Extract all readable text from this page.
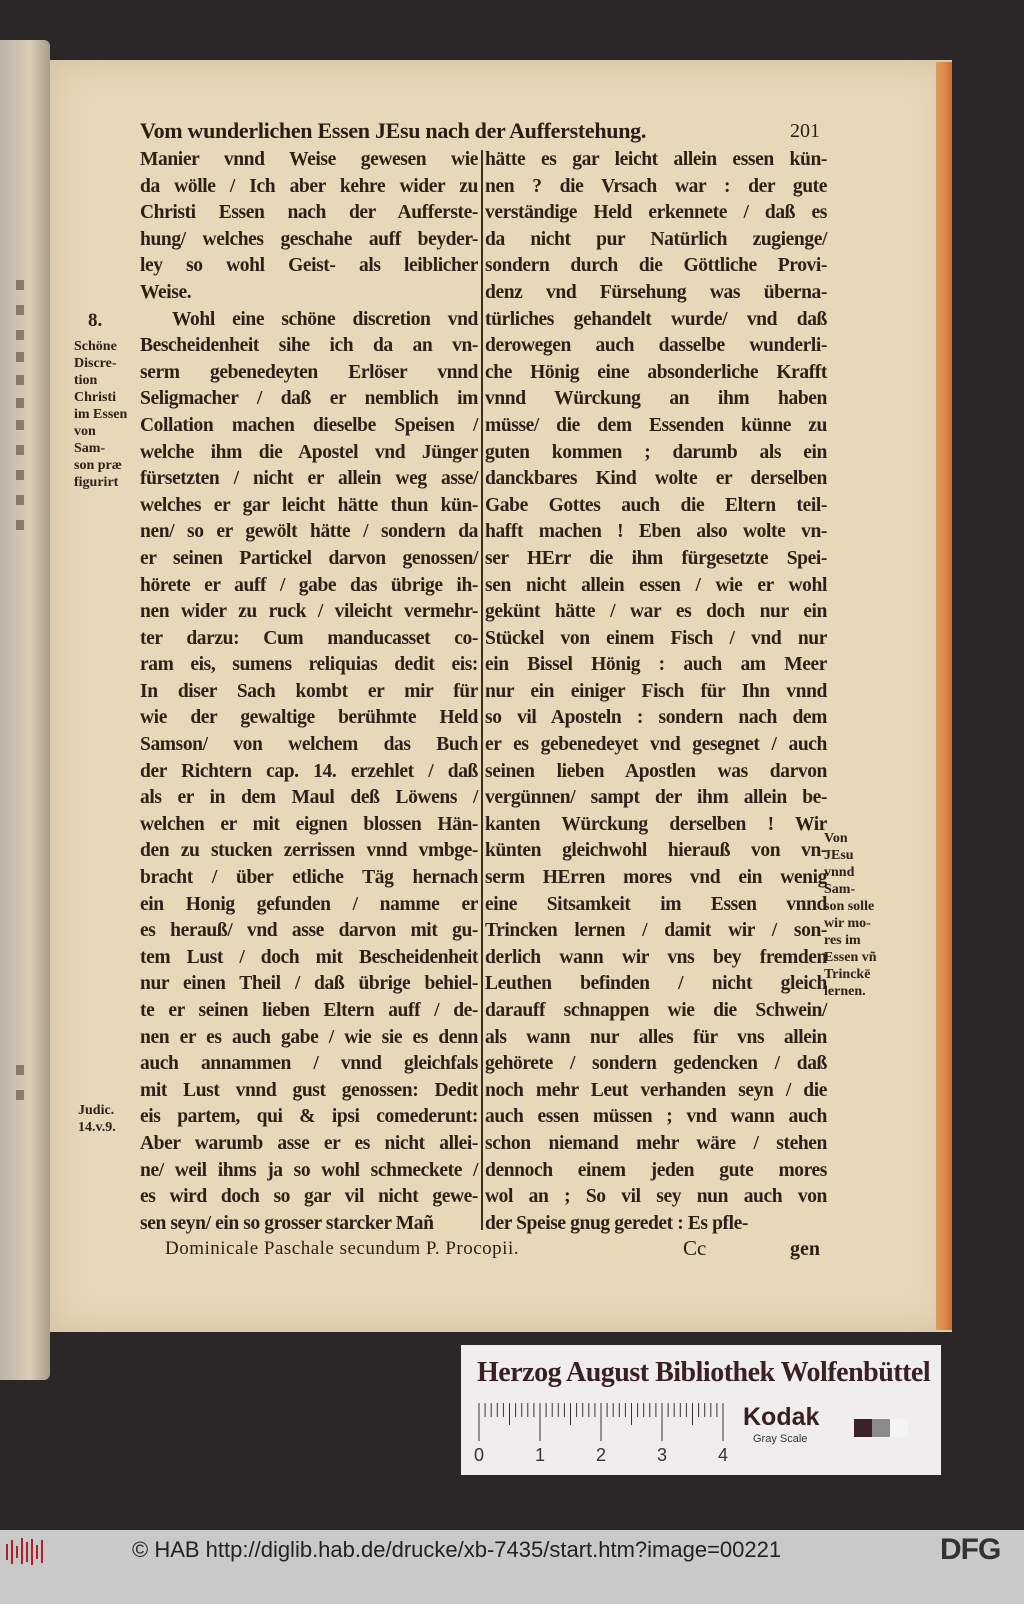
Vom wunderlichen Essen JEsu nach der Aufferstehung.	201
Manier vnnd Weise gewesen wie
da wölle / Ich aber kehre wider zu
Christi Essen nach der Aufferste-
hung/ welches geschahe auff beyder-
ley so wohl Geist- als leiblicher
Weise.
Wohl eine schöne discretion vnd
Bescheidenheit sihe ich da an vn-
serm gebenedeyten Erlöser vnnd
Seligmacher / daß er nemblich im
Collation machen dieselbe Speisen /
welche ihm die Apostel vnd Jünger
fürsetzten / nicht er allein weg asse/
welches er gar leicht hätte thun kün-
nen/ so er gewölt hätte / sondern da
er seinen Partickel darvon genossen/
hörete er auff / gabe das übrige ih-
nen wider zu ruck / vileicht vermehr-
ter darzu: Cum manducasset co-
ram eis, sumens reliquias dedit eis:
In diser Sach kombt er mir für
wie der gewaltige berühmte Held
Samson/ von welchem das Buch
der Richtern cap. 14. erzehlet / daß
als er in dem Maul deß Löwens /
welchen er mit eignen blossen Hän-
den zu stucken zerrissen vnnd vmbge-
bracht / über etliche Täg hernach
ein Honig gefunden / namme er
es herauß/ vnd asse darvon mit gu-
tem Lust / doch mit Bescheidenheit
nur einen Theil / daß übrige behiel-
te er seinen lieben Eltern auff / de-
nen er es auch gabe / wie sie es denn
auch annammen / vnnd gleichfals
mit Lust vnnd gust genossen: Dedit
eis partem, qui & ipsi comederunt:
Aber warumb asse er es nicht allei-
ne/ weil ihms ja so wohl schmeckete /
es wird doch so gar vil nicht gewe-
sen seyn/ ein so grosser starcker Mañ
hätte es gar leicht allein essen kün-
nen ? die Vrsach war : der gute
verständige Held erkennete / daß es
da nicht pur Natürlich zugienge/
sondern durch die Göttliche Provi-
denz vnd Fürsehung was überna-
türliches gehandelt wurde/ vnd daß
derowegen auch dasselbe wunderli-
che Hönig eine absonderliche Krafft
vnnd Würckung an ihm haben
müsse/ die dem Essenden künne zu
guten kommen ; darumb als ein
danckbares Kind wolte er derselben
Gabe Gottes auch die Eltern teil-
hafft machen ! Eben also wolte vn-
ser HErr die ihm fürgesetzte Spei-
sen nicht allein essen / wie er wohl
gekünt hätte / war es doch nur ein
Stückel von einem Fisch / vnd nur
ein Bissel Hönig : auch am Meer
nur ein einiger Fisch für Ihn vnnd
so vil Aposteln : sondern nach dem
er es gebenedeyet vnd gesegnet / auch
seinen lieben Apostlen was darvon
vergünnen/ sampt der ihm allein be-
kanten Würckung derselben ! Wir
künten gleichwohl hierauß von vn-
serm HErren mores vnd ein wenig
eine Sitsamkeit im Essen vnnd
Trincken lernen / damit wir / son-
derlich wann wir vns bey fremden
Leuthen befinden / nicht gleich
darauff schnappen wie die Schwein/
als wann nur alles für vns allein
gehörete / sondern gedencken / daß
noch mehr Leut verhanden seyn / die
auch essen müssen ; vnd wann auch
schon niemand mehr wäre / stehen
dennoch einem jeden gute mores
wol an ; So vil sey nun auch von
der Speise gnug geredet : Es pfle-
8.
Schöne
Discre-
tion
Christi
im Essen
von
Sam-
son præ
figurirt
Judic.
14.v.9.
Von
JEsu
vnnd
Sam-
son solle
wir mo-
res im
Essen vñ
Trinckē
lernen.
Dominicale Paschale secundum P. Procopii.	Cc	gen
Herzog August Bibliothek Wolfenbüttel
0	1	2	3	4
Kodak
Gray Scale
© HAB http://diglib.hab.de/drucke/xb-7435/start.htm?image=00221	DFG
